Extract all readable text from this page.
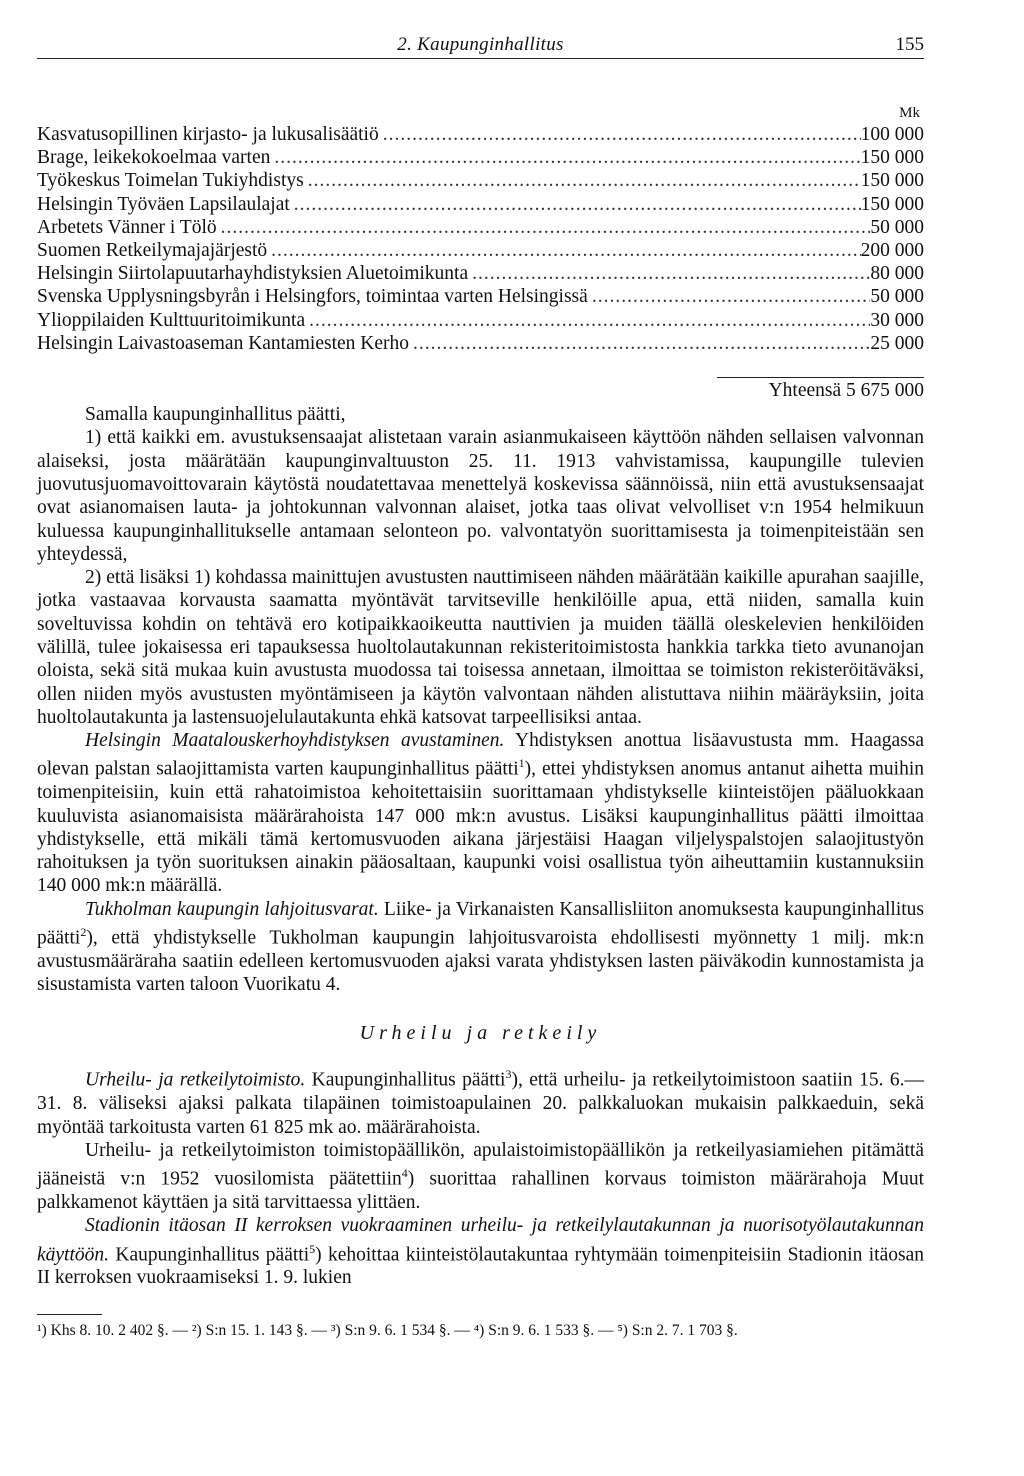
2. Kaupunginhallitus	155
Mk
Kasvatusopillinen kirjasto- ja lukusalisäätiö .....	100 000
Brage, leikekokoelmaa varten .....	150 000
Työkeskus Toimelan Tukiyhdistys .....	150 000
Helsingin Työväen Lapsilaulajat .....	150 000
Arbetets Vänner i Tölö .....	50 000
Suomen Retkeilymajajärjestö .....	200 000
Helsingin Siirtolapuutarhayhdistyksien Aluetoimikunta .....	80 000
Svenska Upplysningsbyrån i Helsingfors, toimintaa varten Helsingissä .....	50 000
Ylioppilaiden Kulttuuritoimikunta .....	30 000
Helsingin Laivastoaseman Kantamiesten Kerho .....	25 000
Yhteensä 5 675 000

Samalla kaupunginhallitus päätti,

1) että kaikki em. avustuksensaajat alistetaan varain asianmukaiseen käyttöön nähden sellaisen valvonnan alaiseksi, josta määrätään kaupunginvaltuuston 25. 11. 1913 vahvistamissa, kaupungille tulevien juovutusjuomavoittovarain käytöstä noudatettavaa menettelyä koskevissa säännöissä, niin että avustuksensaajat ovat asianomaisen lauta- ja johtokunnan valvonnan alaiset, jotka taas olivat velvolliset v:n 1954 helmikuun kuluessa kaupunginhallitukselle antamaan selonteon po. valvontatyön suorittamisesta ja toimenpiteistään sen yhteydessä,

2) että lisäksi 1) kohdassa mainittujen avustusten nauttimiseen nähden määrätään kaikille apurahan saajille, jotka vastaavaa korvausta saamatta myöntävät tarvitseville henkilöille apua, että niiden, samalla kuin soveltuvissa kohdin on tehtävä ero kotipaikkaoikeutta nauttivien ja muiden täällä oleskelevien henkilöiden välillä, tulee jokaisessa eri tapauksessa huoltolautakunnan rekisteritoimistosta hankkia tarkka tieto avunanojan oloista, sekä sitä mukaa kuin avustusta muodossa tai toisessa annetaan, ilmoittaa se toimiston rekisteröitäväksi, ollen niiden myös avustusten myöntämiseen ja käytön valvontaan nähden alistuttava niihin määräyksiin, joita huoltolautakunta ja lastensuojelulautakunta ehkä katsovat tarpeellisiksi antaa.

Helsingin Maatalouskerhoyhdistyksen avustaminen. Yhdistyksen anottua lisäavustusta mm. Haagassa olevan palstan salaojittamista varten kaupunginhallitus päätti$^1$), ettei yhdistyksen anomus antanut aihetta muihin toimenpiteisiin, kuin että rahatoimistoa kehoitettaisiin suorittamaan yhdistykselle kiinteistöjen pääluokkaan kuuluvista asianomaisista määrärahoista 147 000 mk:n avustus. Lisäksi kaupunginhallitus päätti ilmoittaa yhdistykselle, että mikäli tämä kertomusvuoden aikana järjestäisi Haagan viljelyspalstojen salaojitustyön rahoituksen ja työn suorituksen ainakin pääosaltaan, kaupunki voisi osallistua työn aiheuttamiin kustannuksiin 140 000 mk:n määrällä.

Tukholman kaupungin lahjoitusvarat. Liike- ja Virkanaisten Kansallisliiton anomuksesta kaupunginhallitus päätti$^2$), että yhdistykselle Tukholman kaupungin lahjoitusvaroista ehdollisesti myönnetty 1 milj. mk:n avustusmääräraha saatiin edelleen kertomusvuoden ajaksi varata yhdistyksen lasten päiväkodin kunnostamista ja sisustamista varten taloon Vuorikatu 4.

Urheilu ja retkeily

Urheilu- ja retkeilytoimisto. Kaupunginhallitus päätti$^3$), että urheilu- ja retkeilytoimistoon saatiin 15. 6.—31. 8. väliseksi ajaksi palkata tilapäinen toimistoapulainen 20. palkkaluokan mukaisin palkkaeduin, sekä myöntää tarkoitusta varten 61 825 mk ao. määrärahoista.

Urheilu- ja retkeilytoimiston toimistopäällikön, apulaistoimistopäällikön ja retkeilyasiamiehen pitämättä jääneistä v:n 1952 vuosilomista päätettiin$^4$) suorittaa rahallinen korvaus toimiston määrärahoja Muut palkkamenot käyttäen ja sitä tarvittaessa ylittäen.

Stadionin itäosan II kerroksen vuokraaminen urheilu- ja retkeilylautakunnan ja nuorisotyölautakunnan käyttöön. Kaupunginhallitus päätti$^5$) kehoittaa kiinteistölautakuntaa ryhtymään toimenpiteisiin Stadionin itäosan II kerroksen vuokraamiseksi 1. 9. lukien

¹) Khs 8. 10. 2 402 §. — ²) S:n 15. 1. 143 §. — ³) S:n 9. 6. 1 534 §. — ⁴) S:n 9. 6. 1 533 §. — ⁵) S:n 2. 7. 1 703 §.
